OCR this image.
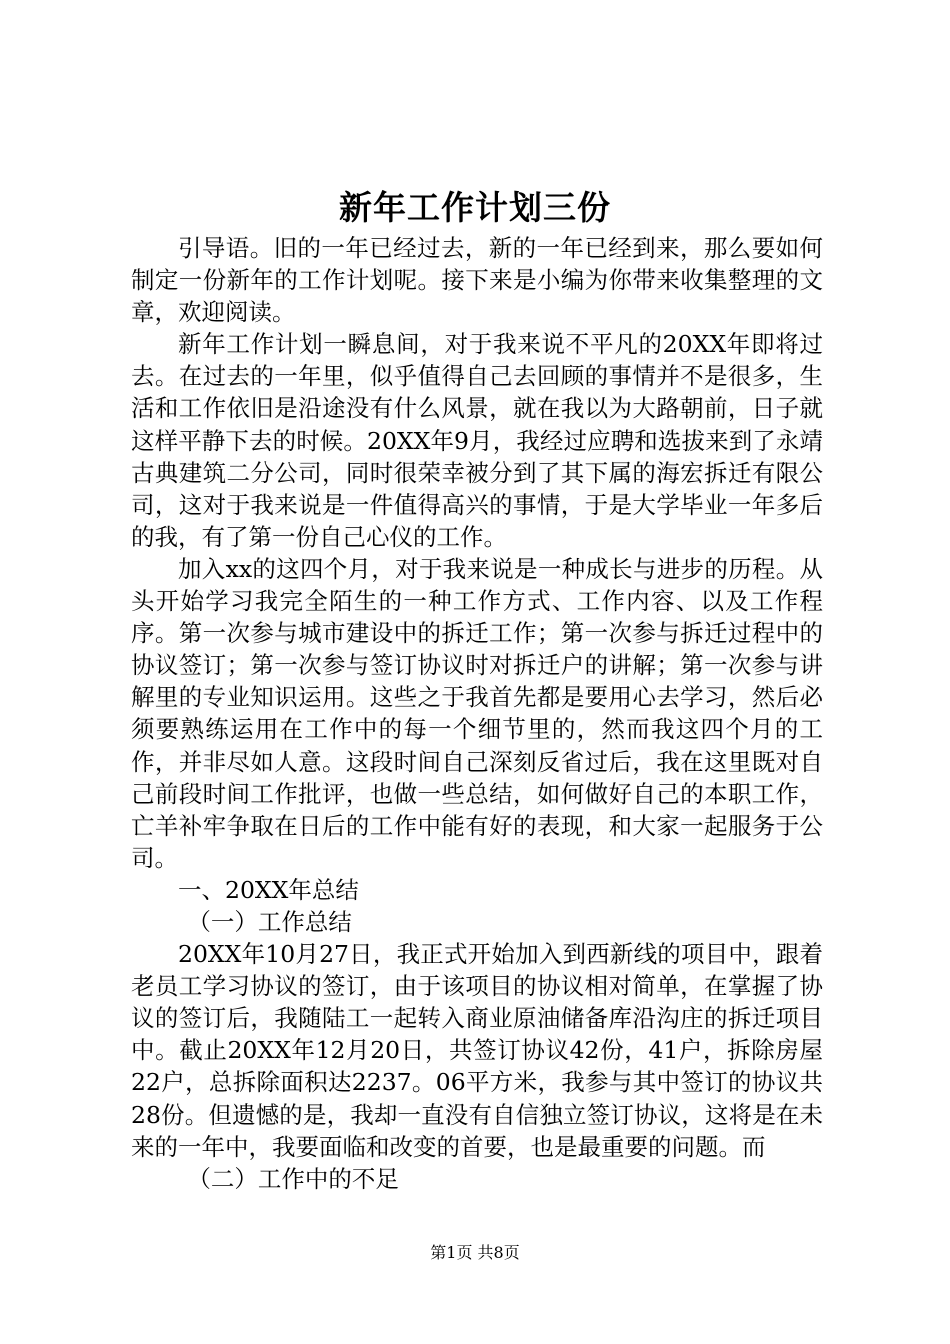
新年工作计划三份

引导语。旧的一年已经过去，新的一年已经到来，那么要如何制定一份新年的工作计划呢。接下来是小编为你带来收集整理的文章，欢迎阅读。

新年工作计划一瞬息间，对于我来说不平凡的20XX年即将过去。在过去的一年里，似乎值得自己去回顾的事情并不是很多，生活和工作依旧是沿途没有什么风景，就在我以为大路朝前，日子就这样平静下去的时候。20XX年9月，我经过应聘和选拔来到了永靖古典建筑二分公司，同时很荣幸被分到了其下属的海宏拆迁有限公司，这对于我来说是一件值得高兴的事情，于是大学毕业一年多后的我，有了第一份自己心仪的工作。

加入xx的这四个月，对于我来说是一种成长与进步的历程。从头开始学习我完全陌生的一种工作方式、工作内容、以及工作程序。第一次参与城市建设中的拆迁工作；第一次参与拆迁过程中的协议签订；第一次参与签订协议时对拆迁户的讲解；第一次参与讲解里的专业知识运用。这些之于我首先都是要用心去学习，然后必须要熟练运用在工作中的每一个细节里的，然而我这四个月的工作，并非尽如人意。这段时间自己深刻反省过后，我在这里既对自己前段时间工作批评，也做一些总结，如何做好自己的本职工作，亡羊补牢争取在日后的工作中能有好的表现，和大家一起服务于公司。

一、20XX年总结

（一）工作总结

20XX年10月27日，我正式开始加入到西新线的项目中，跟着老员工学习协议的签订，由于该项目的协议相对简单，在掌握了协议的签订后，我随陆工一起转入商业原油储备库沿沟庄的拆迁项目中。截止20XX年12月20日，共签订协议42份，41户，拆除房屋22户，总拆除面积达2237。06平方米，我参与其中签订的协议共28份。但遗憾的是，我却一直没有自信独立签订协议，这将是在未来的一年中，我要面临和改变的首要，也是最重要的问题。而

（二）工作中的不足

第1页 共8页
